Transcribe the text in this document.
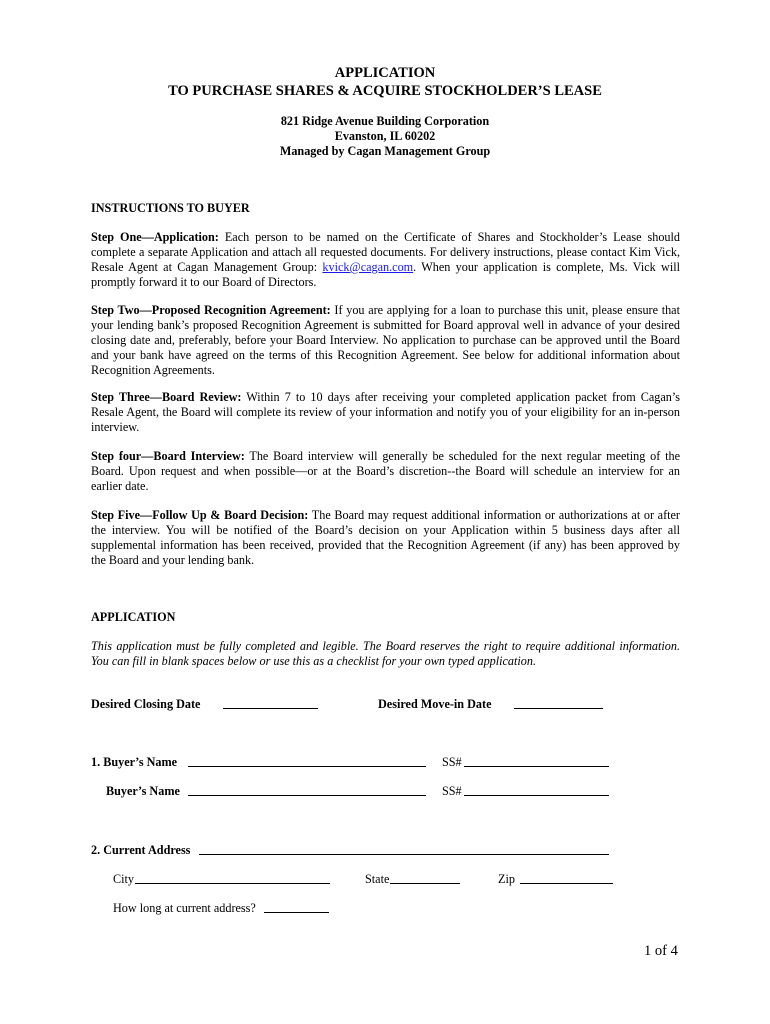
APPLICATION
TO PURCHASE SHARES & ACQUIRE STOCKHOLDER’S LEASE
821 Ridge Avenue Building Corporation
Evanston, IL 60202
Managed by Cagan Management Group
INSTRUCTIONS TO BUYER

Step One—Application: Each person to be named on the Certificate of Shares and Stockholder’s Lease should complete a separate Application and attach all requested documents. For delivery instructions, please contact Kim Vick, Resale Agent at Cagan Management Group: kvick@cagan.com. When your application is complete, Ms. Vick will promptly forward it to our Board of Directors.

Step Two—Proposed Recognition Agreement: If you are applying for a loan to purchase this unit, please ensure that your lending bank’s proposed Recognition Agreement is submitted for Board approval well in advance of your desired closing date and, preferably, before your Board Interview. No application to purchase can be approved until the Board and your bank have agreed on the terms of this Recognition Agreement. See below for additional information about Recognition Agreements.

Step Three—Board Review: Within 7 to 10 days after receiving your completed application packet from Cagan’s Resale Agent, the Board will complete its review of your information and notify you of your eligibility for an in-person interview.

Step four—Board Interview: The Board interview will generally be scheduled for the next regular meeting of the Board. Upon request and when possible—or at the Board’s discretion--the Board will schedule an interview for an earlier date.

Step Five—Follow Up & Board Decision: The Board may request additional information or authorizations at or after the interview. You will be notified of the Board’s decision on your Application within 5 business days after all supplemental information has been received, provided that the Recognition Agreement (if any) has been approved by the Board and your lending bank.

APPLICATION

This application must be fully completed and legible. The Board reserves the right to require additional information. You can fill in blank spaces below or use this as a checklist for your own typed application.

Desired Closing Date	Desired Move-in Date
1. Buyer’s Name	SS#
Buyer’s Name	SS#
2. Current Address
City	State	Zip
How long at current address?
1 of 4
